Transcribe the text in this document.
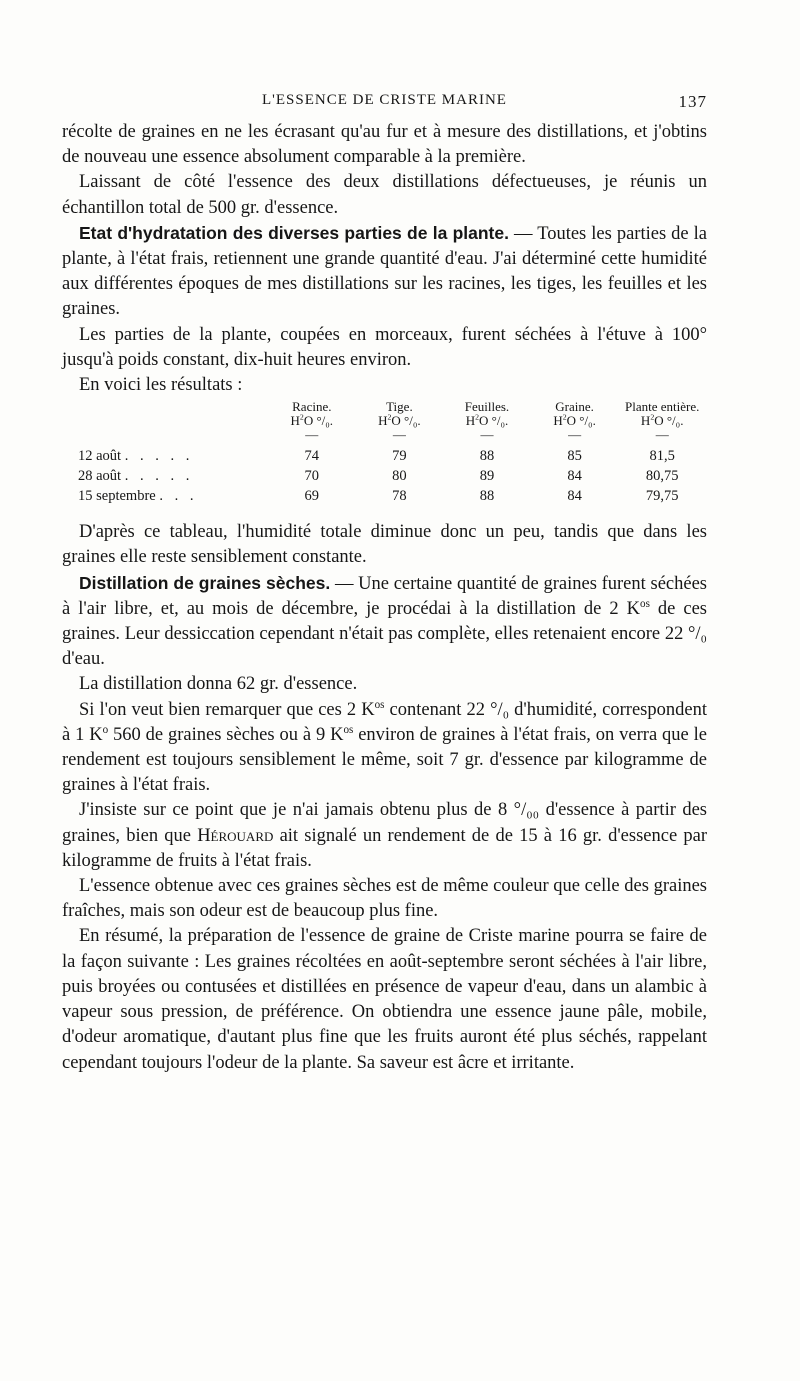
L'ESSENCE DE CRISTE MARINE	137

récolte de graines en ne les écrasant qu'au fur et à mesure des distillations, et j'obtins de nouveau une essence absolument comparable à la première.

Laissant de côté l'essence des deux distillations défectueuses, je réunis un échantillon total de 500 gr. d'essence.

Etat d'hydratation des diverses parties de la plante. — Toutes les parties de la plante, à l'état frais, retiennent une grande quantité d'eau. J'ai déterminé cette humidité aux différentes époques de mes distillations sur les racines, les tiges, les feuilles et les graines.

Les parties de la plante, coupées en morceaux, furent séchées à l'étuve à 100° jusqu'à poids constant, dix-huit heures environ.

En voici les résultats :

	Racine.	Tige.	Feuilles.	Graine.	Plante entière.
	$H^2O$ °/₀.	$H^2O$ °/₀.	$H^2O$ °/₀.	$H^2O$ °/₀.	$H^2O$ °/₀.
	—	—	—	—	—

12 août . . . . .	74	79	88	85	81,5
28 août . . . . .	70	80	89	84	80,75
15 septembre . . .	69	78	88	84	79,75

D'après ce tableau, l'humidité totale diminue donc un peu, tandis que dans les graines elle reste sensiblement constante.

Distillation de graines sèches. — Une certaine quantité de graines furent séchées à l'air libre, et, au mois de décembre, je procédai à la distillation de 2 $K^{os}$ de ces graines. Leur dessiccation cependant n'était pas complète, elles retenaient encore 22 °/₀ d'eau.

La distillation donna 62 gr. d'essence.

Si l'on veut bien remarquer que ces 2 $K^{os}$ contenant 22 °/₀ d'humidité, correspondent à 1 $K^o$ 560 de graines sèches ou à 9 $K^{os}$ environ de graines à l'état frais, on verra que le rendement est toujours sensiblement le même, soit 7 gr. d'essence par kilogramme de graines à l'état frais.

J'insiste sur ce point que je n'ai jamais obtenu plus de 8 °/₀₀ d'essence à partir des graines, bien que Hérouard ait signalé un rendement de de 15 à 16 gr. d'essence par kilogramme de fruits à l'état frais.

L'essence obtenue avec ces graines sèches est de même couleur que celle des graines fraîches, mais son odeur est de beaucoup plus fine.

En résumé, la préparation de l'essence de graine de Criste marine pourra se faire de la façon suivante : Les graines récoltées en août-septembre seront séchées à l'air libre, puis broyées ou contusées et distillées en présence de vapeur d'eau, dans un alambic à vapeur sous pression, de préférence. On obtiendra une essence jaune pâle, mobile, d'odeur aromatique, d'autant plus fine que les fruits auront été plus séchés, rappelant cependant toujours l'odeur de la plante. Sa saveur est âcre et irritante.
